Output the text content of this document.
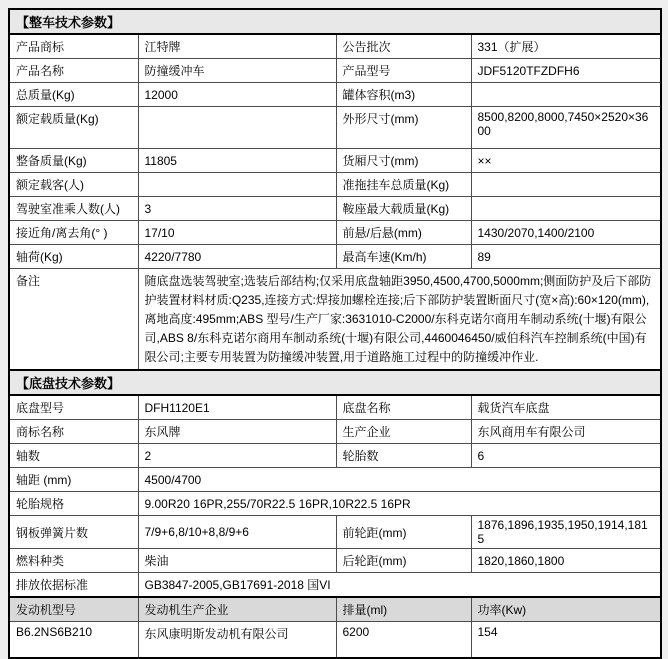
【整车技术参数】			
产品商标	江特牌	公告批次	331（扩展）
产品名称	防撞缓冲车	产品型号	JDF5120TFZDFH6
总质量(Kg)	12000	罐体容积(m3)	
额定载质量(Kg)		外形尺寸(mm)	8500,8200,8000,7450×2520×3600
整备质量(Kg)	11805	货厢尺寸(mm)	××
额定载客(人)		准拖挂车总质量(Kg)	
驾驶室准乘人数(人)	3	鞍座最大载质量(Kg)	
接近角/离去角(° )	17/10	前悬/后悬(mm)	1430/2070,1400/2100
轴荷(Kg)	4220/7780	最高车速(Km/h)	89
备注	随底盘选装驾驶室;选装后部结构;仅采用底盘轴距3950,4500,4700,5000mm;侧面防护及后下部防护装置材料材质:Q235,连接方式:焊接加螺栓连接;后下部防护装置断面尺寸(宽×高):60×120(mm),离地高度:495mm;ABS 型号/生产厂家:3631010-C2000/东科克诺尔商用车制动系统(十堰)有限公司,ABS 8/东科克诺尔商用车制动系统(十堰)有限公司,4460046450/威伯科汽车控制系统(中国)有限公司;主要专用装置为防撞缓冲装置,用于道路施工过程中的防撞缓冲作业.		
【底盘技术参数】			
底盘型号	DFH1120E1	底盘名称	载货汽车底盘
商标名称	东风牌	生产企业	东风商用车有限公司
轴数	2	轮胎数	6
轴距 (mm)	4500/4700		
轮胎规格	9.00R20 16PR,255/70R22.5 16PR,10R22.5 16PR		
钢板弹簧片数	7/9+6,8/10+8,8/9+6	前轮距(mm)	1876,1896,1935,1950,1914,1815
燃料种类	柴油	后轮距(mm)	1820,1860,1800
排放依据标准	GB3847-2005,GB17691-2018 国VI		
发动机型号	发动机生产企业	排量(ml)	功率(Kw)
B6.2NS6B210	东风康明斯发动机有限公司	6200	154
